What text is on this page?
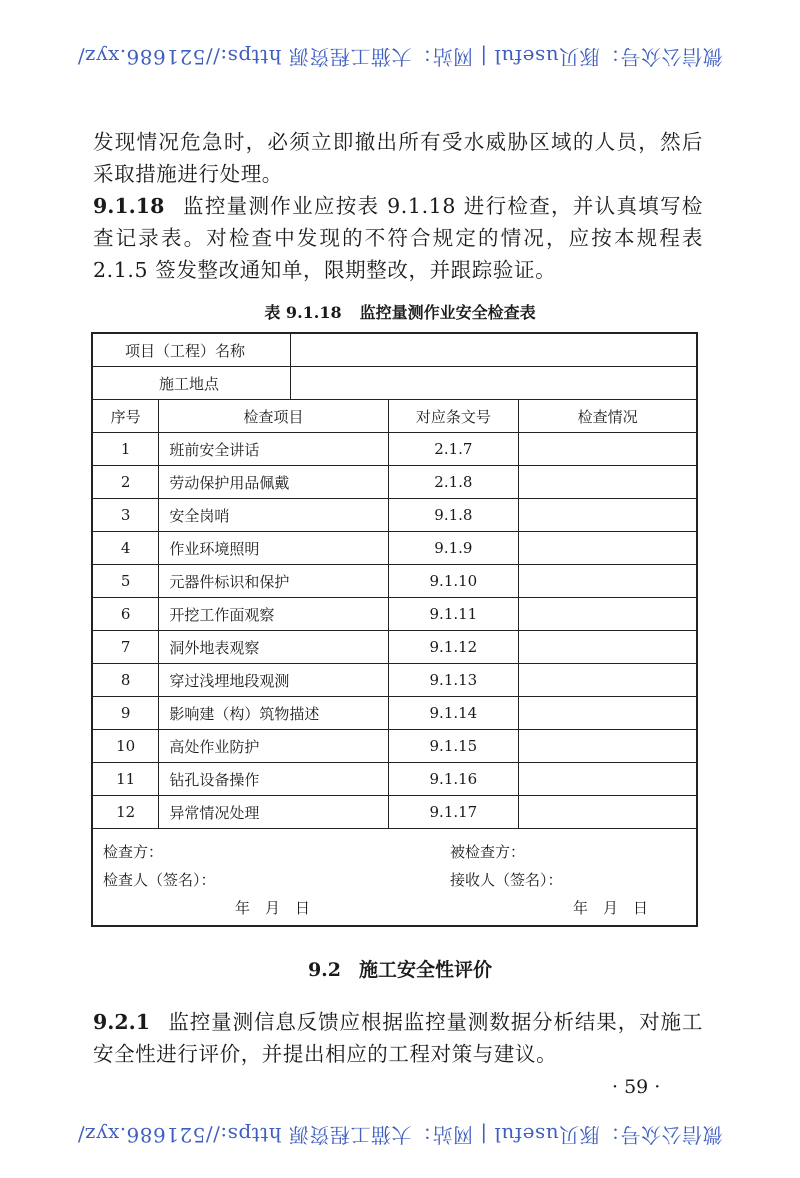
微信公众号：豚贝useful | 网站：大猫工程资源 https://521686.xyz/
发现情况危急时，必须立即撤出所有受水威胁区域的人员，然后采取措施进行处理。
9.1.18 监控量测作业应按表 9.1.18 进行检查，并认真填写检查记录表。对检查中发现的不符合规定的情况，应按本规程表 2.1.5 签发整改通知单，限期整改，并跟踪验证。
表 9.1.18 监控量测作业安全检查表
项目（工程）名称				
施工地点				
序号	检查项目		对应条文号	检查情况
1	班前安全讲话		2.1.7	
2	劳动保护用品佩戴		2.1.8	
3	安全岗哨		9.1.8	
4	作业环境照明		9.1.9	
5	元器件标识和保护		9.1.10	
6	开挖工作面观察		9.1.11	
7	洞外地表观察		9.1.12	
8	穿过浅埋地段观测		9.1.13	
9	影响建（构）筑物描述		9.1.14	
10	高处作业防护		9.1.15	
11	钻孔设备操作		9.1.16	
12	异常情况处理		9.1.17	

检查方：
检查人（签名）：
年　月　日
被检查方：
接收人（签名）：
年　月　日
9.2 施工安全性评价
9.2.1 监控量测信息反馈应根据监控量测数据分析结果，对施工安全性进行评价，并提出相应的工程对策与建议。
· 59 ·
微信公众号：豚贝useful | 网站：大猫工程资源 https://521686.xyz/
